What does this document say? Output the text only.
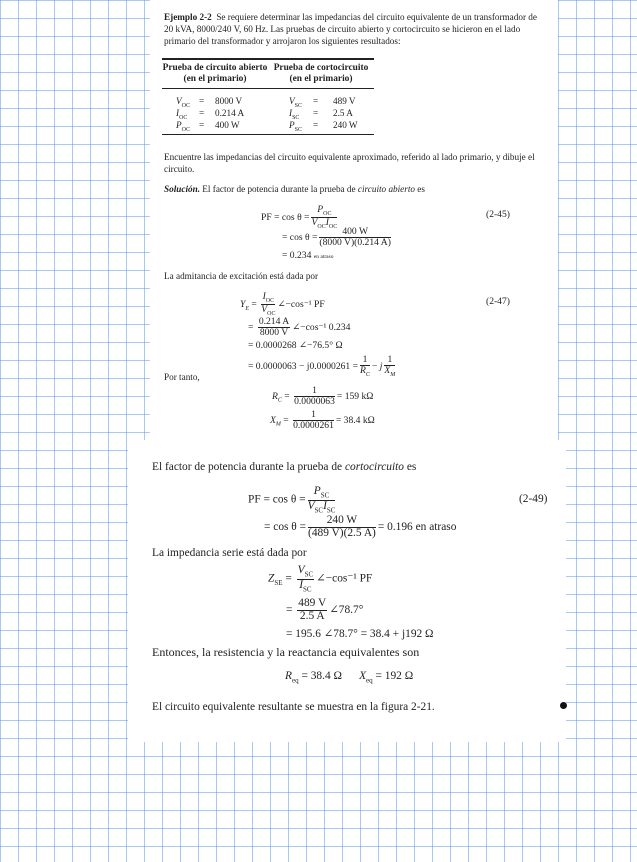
Ejemplo 2-2 Se requiere determinar las impedancias del circuito equivalente de un transformador de
20 kVA, 8000/240 V, 60 Hz. Las pruebas de circuito abierto y cortocircuito se hicieron en el lado
primario del transformador y arrojaron los siguientes resultados:
Prueba de circuito abierto
(en el primario)
Prueba de cortocircuito
(en el primario)
$V_{OC} = 8000$ V	$V_{SC} = 489$ V
$I_{OC} = 0.214$ A	$I_{SC} = 2.5$ A
$P_{OC} = 400$ W	$P_{SC} = 240$ W
Encuentre las impedancias del circuito equivalente aproximado, referido al lado primario, y dibuje el
circuito.
Solución. El factor de potencia durante la prueba de circuito abierto es
PF = $\cos \theta = \frac{P_{OC}}{V_{OC}I_{OC}}$	(2-45)
= $\cos \theta = \frac{400 W}{(8000 V)(0.214 A)}$
= 0.234 en atraso
La admitancia de excitación está dada por
$Y_E = \frac{I_{OC}}{V_{OC}}$ ∠−cos⁻¹ PF	(2-47)
= $\frac{0.214 A}{8000 V}$ ∠−cos⁻¹ 0.234
= 0.0000268 ∠−76.5° Ω
= $0.0000063 - j0.0000261 = \frac{1}{R_C} - j \frac{1}{X_M}$
Por tanto,
$R_C = \frac{1}{0.0000063} = 159$ kΩ
$X_M = \frac{1}{0.0000261} = 38.4$ kΩ
El factor de potencia durante la prueba de cortocircuito es
PF = $\cos \theta = \frac{P_{SC}}{V_{SC}I_{SC}}$	(2-49)
= $\cos \theta = \frac{240 W}{(489 V)(2.5 A)} = 0.196$ en atraso
La impedancia serie está dada por
$Z_{SE} = \frac{V_{SC}}{I_{SC}}$ ∠−cos⁻¹ PF
= $\frac{489 V}{2.5 A}$ ∠78.7°
= 195.6 ∠78.7° = 38.4 + j192 Ω
Entonces, la resistencia y la reactancia equivalentes son
$R_{eq} = 38.4$ Ω $X_{eq} = 192$ Ω
El circuito equivalente resultante se muestra en la figura 2-21.
